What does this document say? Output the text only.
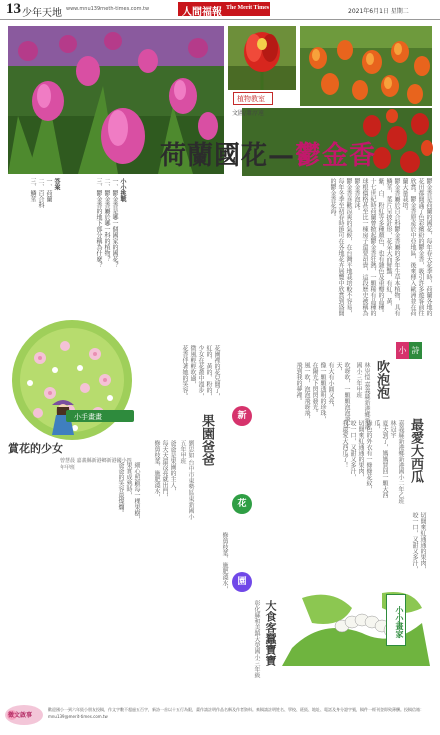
13 少年天地 www.mnu139rneth-times.com.tw	人間福報 The Merit Times	2021年6月1日 星期二
植物教室
文圖/蕭淳遠
荷蘭國花—鬱金香

鬱金香是荷蘭的國花，每年春天花季時，荷蘭各地的花田都開滿了色彩繽紛的鬱金香，吸引許多遊客前往欣賞。鬱金香原產於中亞地區，後來傳入歐洲並在荷蘭大量栽培。

鬱金香屬於百合科鬱金香屬的多年生草本植物，具有鱗莖，葉片呈披針形，花朵大而鮮豔，有紅、黃、紫、白、粉紅等多種顏色，也有雜色及重瓣的品種。

十七世紀時荷蘭曾掀起鬱金香狂熱，一顆稀有品種的球根價格甚至比一棟房子還要昂貴，這段歷史被稱為鬱金香泡沫。

鬱金香喜歡涼爽的氣候，在台灣平地栽培較不容易，每年冬季至初春時節可在各地花卉展覽中欣賞到盛開的鬱金香花海。

小小挑戰

一、鬱金香是哪一個國家的國花？

二、鬱金香屬於哪一科的植物？

三、鬱金香的地下部分稱為什麼？

答案

一、荷蘭

二、百合科

三、鱗莖

小小
詩人
吹泡泡
林崇愷 嘉義縣新港鄉新港國小三年甲班

吹呀吹，一顆顆泡泡飛上天，

有大有小圓又亮，

像一顆顆透明的珍珠，

在陽光下閃閃發光。

風一吹，泡泡飛呀飛，

飛到我的夢裡。

花園裡的花兒開了，

紅的、黃的、粉的，

少女在花叢中漫步，

微風輕輕吹過，

花香伴著她的笑容。

小手畫畫
賞花的少女
曾慧晨 嘉義縣新港鄉新港國小四年甲班	最愛大西瓜
嘉義縣新港鄉新港國小二年乙班 林冠宇

夏天到了，媽媽買回一顆大西瓜，

綠色的外衣有一條條花紋，

切開來紅通通的果肉，

咬一口，又甜又多汁，

我最愛大西瓜了！

新
花
園
果園爸爸
劉思如 台中市東勢區東新國小五年甲班

爸爸是果園的主人，

每天天還沒亮就出門，

修剪枝葉、施肥澆水，

細心照顧每一棵果樹，

果實成熟時，

爸爸的笑容最燦爛。

修剪枝葉、施肥澆水，	切開來紅通通的果肉，

咬一口，又甜又多汁，

大食客蠶寶寶
彰化縣和美鎮大榮國小三年級	小小畫家
徵文啟事

歡迎國小一到六年級小朋友投稿，作文字數不超過五百字，新詩一首以十五行為限，畫作請註明作品名稱及作者資料。來稿請註明姓名、學校、班級、地址、電話及身分證字號，稿件一經刊登即致薄酬。投稿信箱：mnu139@merit-times.com.tw
